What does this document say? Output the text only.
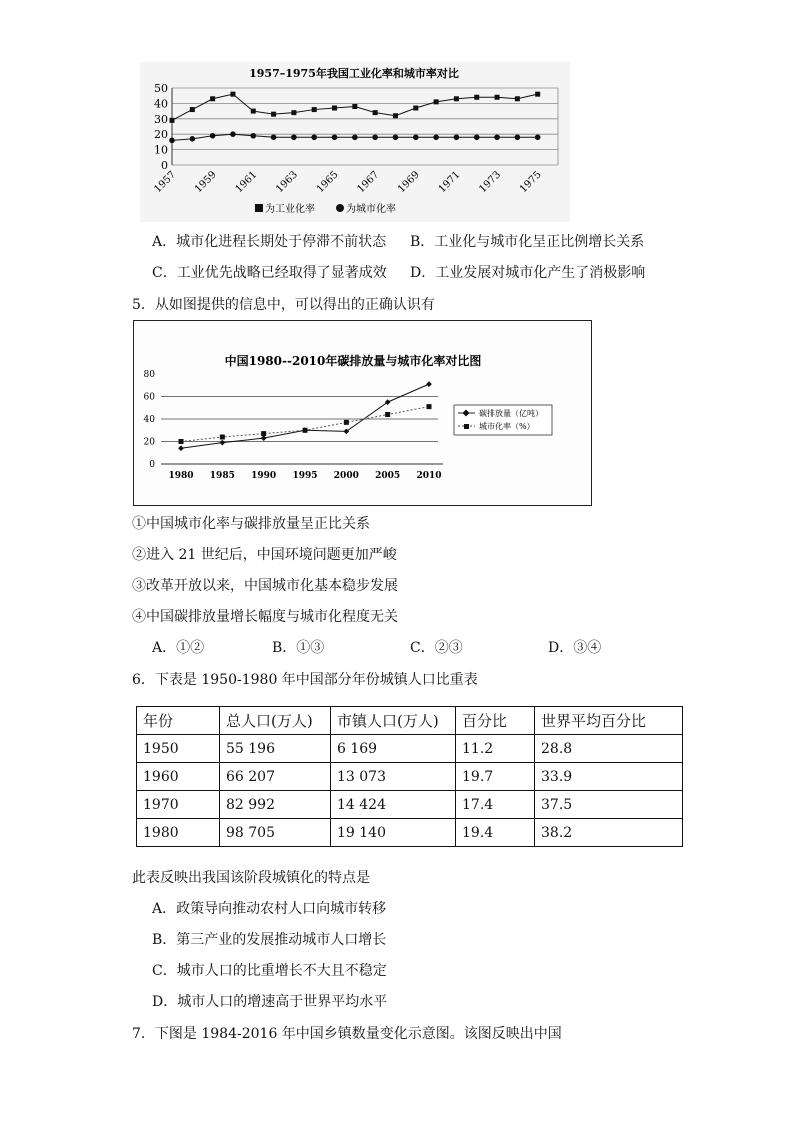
1957–1975年我国工业化率和城市率对比
0
10
20
30
40
50
1957 1959 1961 1963 1965 1967 1969 1971 1973 1975
为工业化率	为城市化率
A．城市化进程长期处于停滞不前状态 B．工业化与城市化呈正比例增长关系
C．工业优先战略已经取得了显著成效 D．工业发展对城市化产生了消极影响
5．从如图提供的信息中，可以得出的正确认识有
中国1980--2010年碳排放量与城市化率对比图
0
20
40
60
80
1980 1985 1990 1995 2000 2005 2010
碳排放量（亿吨）
城市化率（%）
①中国城市化率与碳排放量呈正比关系
②进入 21 世纪后，中国环境问题更加严峻
③改革开放以来，中国城市化基本稳步发展
④中国碳排放量增长幅度与城市化程度无关
A．①②	B．①③	C．②③	D．③④
6．下表是 1950-1980 年中国部分年份城镇人口比重表
年份	总人口(万人)	市镇人口(万人)	百分比	世界平均百分比
1950	55 196	6 169	11.2	28.8
1960	66 207	13 073	19.7	33.9
1970	82 992	14 424	17.4	37.5
1980	98 705	19 140	19.4	38.2
此表反映出我国该阶段城镇化的特点是
A．政策导向推动农村人口向城市转移
B．第三产业的发展推动城市人口增长
C．城市人口的比重增长不大且不稳定
D．城市人口的增速高于世界平均水平
7．下图是 1984-2016 年中国乡镇数量变化示意图。该图反映出中国
